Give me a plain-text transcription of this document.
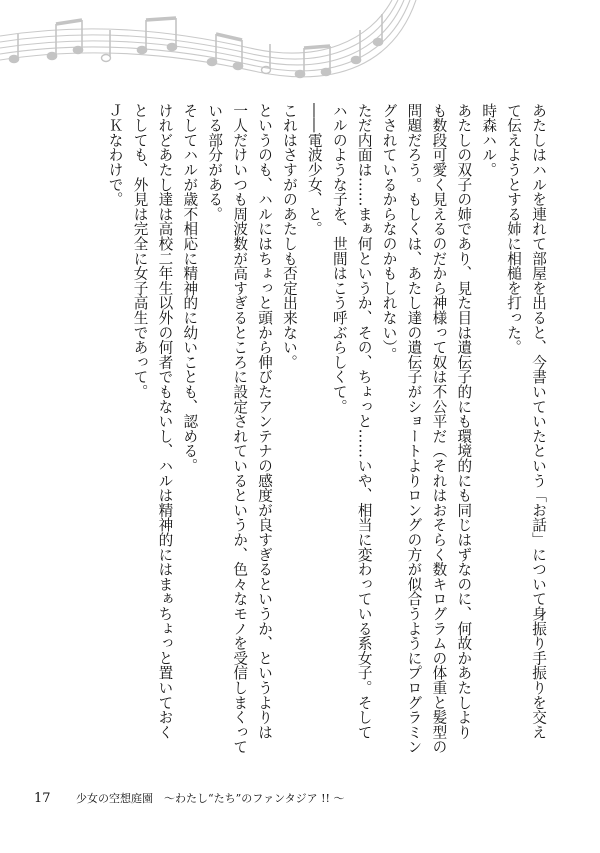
あたしはハルを連れて部屋を出ると、今書いていたという「お話」について身振り手振りを交え
て伝えようとする姉に相槌を打った。
時森ハル。
あたしの双子の姉であり、見た目は遺伝子的にも環境的にも同じはずなのに、何故かあたしより
も数段可愛く見えるのだから神様って奴は不公平だ（それはおそらく数キログラムの体重と髪型の
問題だろう。もしくは、あたし達の遺伝子がショートよりロングの方が似合うようにプログラミン
グされているからなのかもしれない）。
ただ内面は……まぁ何というか、その、ちょっと……いや、相当に変わっている系女子。そして
ハルのような子を、世間はこう呼ぶらしくて。
――電波少女、と。
これはさすがのあたしも否定出来ない。
というのも、ハルにはちょっと頭から伸びたアンテナの感度が良すぎるというか、というよりは
一人だけいつも周波数が高すぎるところに設定されているというか、色々なモノを受信しまくって
いる部分がある。
そしてハルが歳不相応に精神的に幼いことも、認める。
けれどあたし達は高校二年生以外の何者でもないし、ハルは精神的にはまぁちょっと置いておく
としても、外見は完全に女子高生であって。
ＪＫなわけで。
17 少女の空想庭園　～わたし“たち”のファンタジア !! ～
